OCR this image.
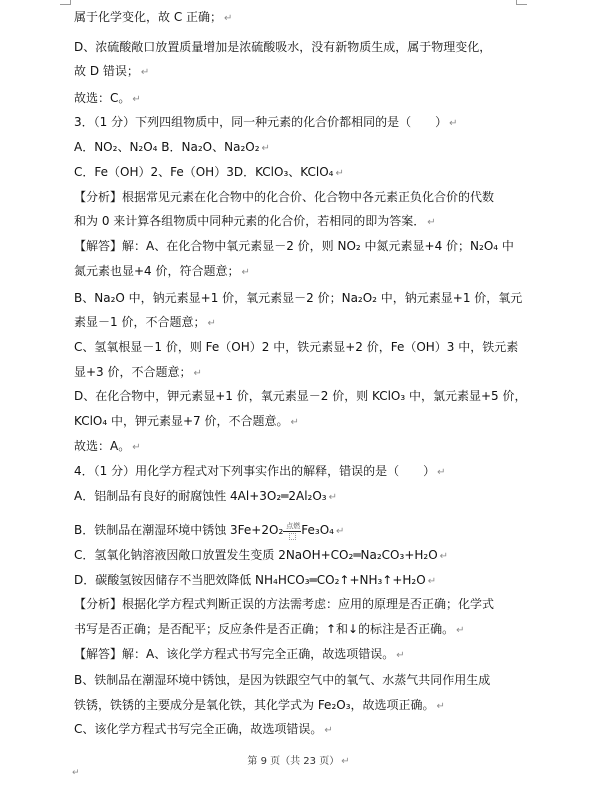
属于化学变化，故 C 正确； ↵
D、浓硫酸敞口放置质量增加是浓硫酸吸水，没有新物质生成，属于物理变化，
故 D 错误； ↵
故选：C。 ↵
3．（1 分）下列四组物质中，同一种元素的化合价都相同的是（　　） ↵
A．NO₂、N₂O₄ B．Na₂O、Na₂O₂ ↵
C．Fe（OH）2、Fe（OH）3D．KClO₃、KClO₄ ↵
【分析】根据常见元素在化合物中的化合价、化合物中各元素正负化合价的代数
和为 0 来计算各组物质中同种元素的化合价，若相同的即为答案． ↵
【解答】解：A、在化合物中氧元素显－2 价，则 NO₂ 中氮元素显+4 价；N₂O₄ 中
氮元素也显+4 价，符合题意； ↵
B、Na₂O 中，钠元素显+1 价，氧元素显－2 价；Na₂O₂ 中，钠元素显+1 价，氧元
素显－1 价，不合题意； ↵
C、氢氧根显－1 价，则 Fe（OH）2 中，铁元素显+2 价，Fe（OH）3 中，铁元素
显+3 价，不合题意； ↵
D、在化合物中，钾元素显+1 价，氧元素显－2 价，则 KClO₃ 中，氯元素显+5 价，
KClO₄ 中，钾元素显+7 价，不合题意。 ↵
故选：A。 ↵
4．（1 分）用化学方程式对下列事实作出的解释，错误的是（　　） ↵
A．铝制品有良好的耐腐蚀性 4Al+3O₂═2Al₂O₃ ↵
B．铁制品在潮湿环境中锈蚀 3Fe+2O₂ 点燃 Fe₃O₄ ↵
C．氢氧化钠溶液因敞口放置发生变质 2NaOH+CO₂═Na₂CO₃+H₂O ↵
D．碳酸氢铵因储存不当肥效降低 NH₄HCO₃═CO₂↑+NH₃↑+H₂O ↵
【分析】根据化学方程式判断正误的方法需考虑：应用的原理是否正确；化学式
书写是否正确；是否配平；反应条件是否正确；↑和↓的标注是否正确。 ↵
【解答】解：A、该化学方程式书写完全正确，故选项错误。 ↵
B、铁制品在潮湿环境中锈蚀，是因为铁跟空气中的氧气、水蒸气共同作用生成
铁锈，铁锈的主要成分是氧化铁，其化学式为 Fe₂O₃，故选项正确。 ↵
C、该化学方程式书写完全正确，故选项错误。 ↵
第 9 页（共 23 页） ↵
↵
